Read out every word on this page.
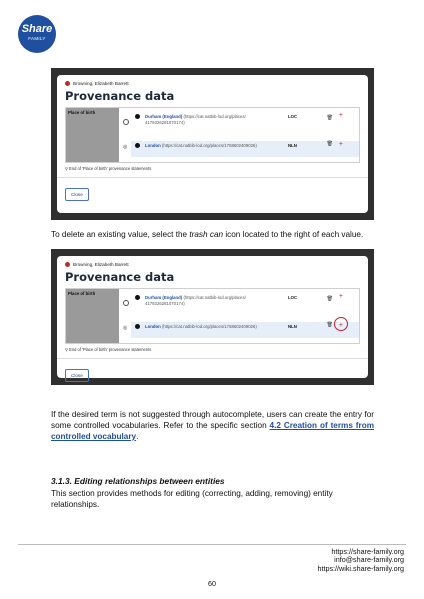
Share
FAMILY
Browning, Elizabeth Barrett
Provenance data
Place of birth
◎
Durham (England) (https://cat.natbib-lod.org/places/
4179326281070174)
LOC	🗑 +
London (https://cat.natbib-lod.org/places/1758602409026)	NLN	🗑 +
⚲ End of 'Place of birth' provenance statements
Close
To delete an existing value, select the trash can icon located to the right of each value.
Browning, Elizabeth Barrett
Provenance data
Place of birth
◎
Durham (England) (https://cat.natbib-lod.org/places/
4179326281070174)
LOC	🗑 +
London (https://cat.natbib-lod.org/places/1758602409026)	NLN	🗑 +
⚲ End of 'Place of birth' provenance statements
Close
If the desired term is not suggested through autocomplete, users can create the entry for some controlled vocabularies. Refer to the specific section 4.2 Creation of terms from controlled vocabulary.
3.1.3. Editing relationships between entities
This section provides methods for editing (correcting, adding, removing) entity relationships.
https://share-family.org
info@share-family.org
https://wiki.share-family.org
60
